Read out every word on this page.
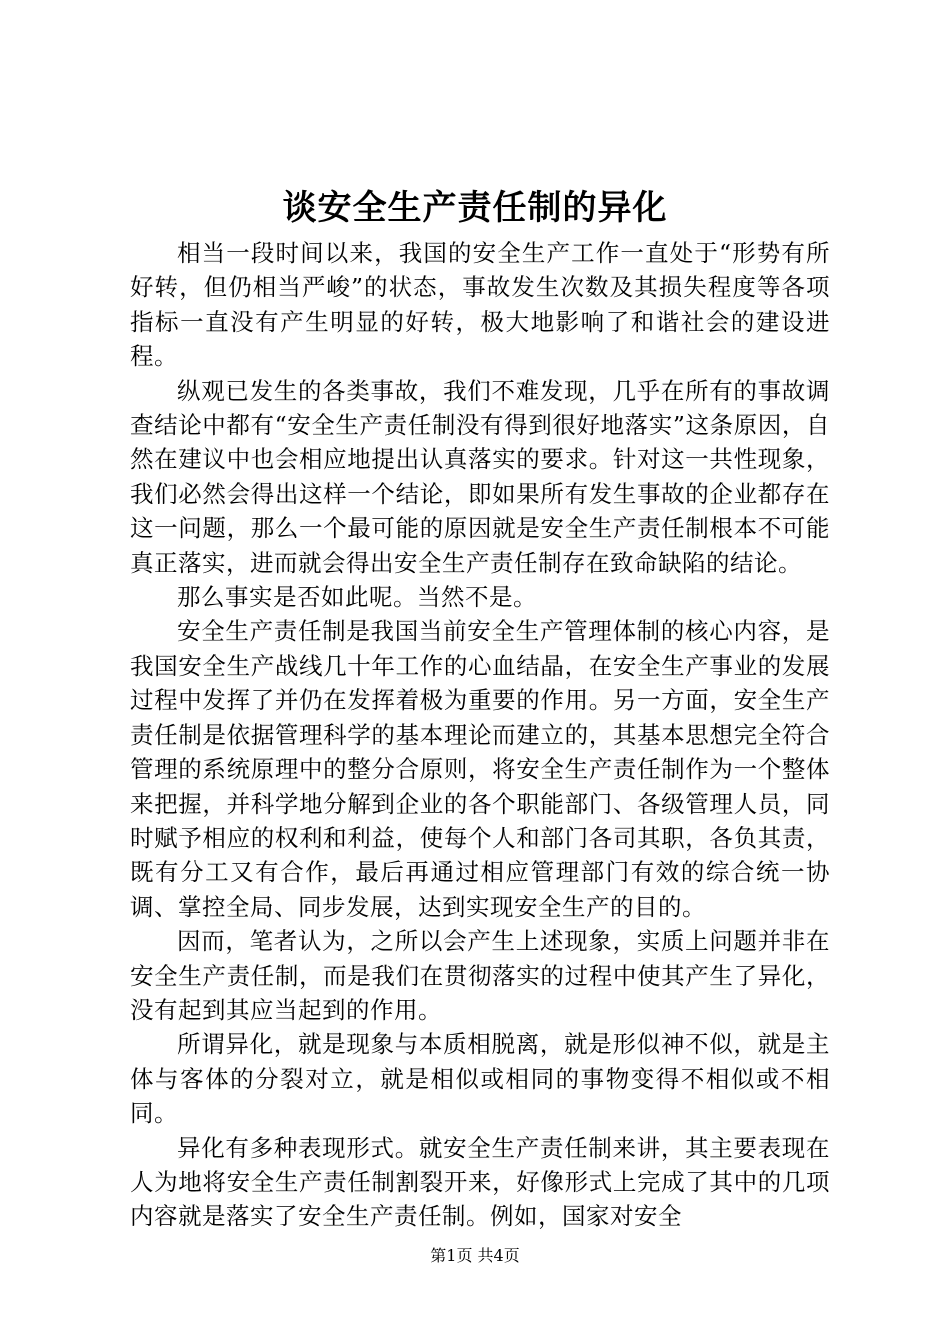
谈安全生产责任制的异化

相当一段时间以来，我国的安全生产工作一直处于“形势有所好转，但仍相当严峻”的状态，事故发生次数及其损失程度等各项指标一直没有产生明显的好转，极大地影响了和谐社会的建设进程。

纵观已发生的各类事故，我们不难发现，几乎在所有的事故调查结论中都有“安全生产责任制没有得到很好地落实”这条原因，自然在建议中也会相应地提出认真落实的要求。针对这一共性现象，我们必然会得出这样一个结论，即如果所有发生事故的企业都存在这一问题，那么一个最可能的原因就是安全生产责任制根本不可能真正落实，进而就会得出安全生产责任制存在致命缺陷的结论。

那么事实是否如此呢。当然不是。

安全生产责任制是我国当前安全生产管理体制的核心内容，是我国安全生产战线几十年工作的心血结晶，在安全生产事业的发展过程中发挥了并仍在发挥着极为重要的作用。另一方面，安全生产责任制是依据管理科学的基本理论而建立的，其基本思想完全符合管理的系统原理中的整分合原则，将安全生产责任制作为一个整体来把握，并科学地分解到企业的各个职能部门、各级管理人员，同时赋予相应的权利和利益，使每个人和部门各司其职，各负其责，既有分工又有合作，最后再通过相应管理部门有效的综合统一协调、掌控全局、同步发展，达到实现安全生产的目的。

因而，笔者认为，之所以会产生上述现象，实质上问题并非在安全生产责任制，而是我们在贯彻落实的过程中使其产生了异化，没有起到其应当起到的作用。

所谓异化，就是现象与本质相脱离，就是形似神不似，就是主体与客体的分裂对立，就是相似或相同的事物变得不相似或不相同。

异化有多种表现形式。就安全生产责任制来讲，其主要表现在人为地将安全生产责任制割裂开来，好像形式上完成了其中的几项内容就是落实了安全生产责任制。例如，国家对安全

第1页 共4页
